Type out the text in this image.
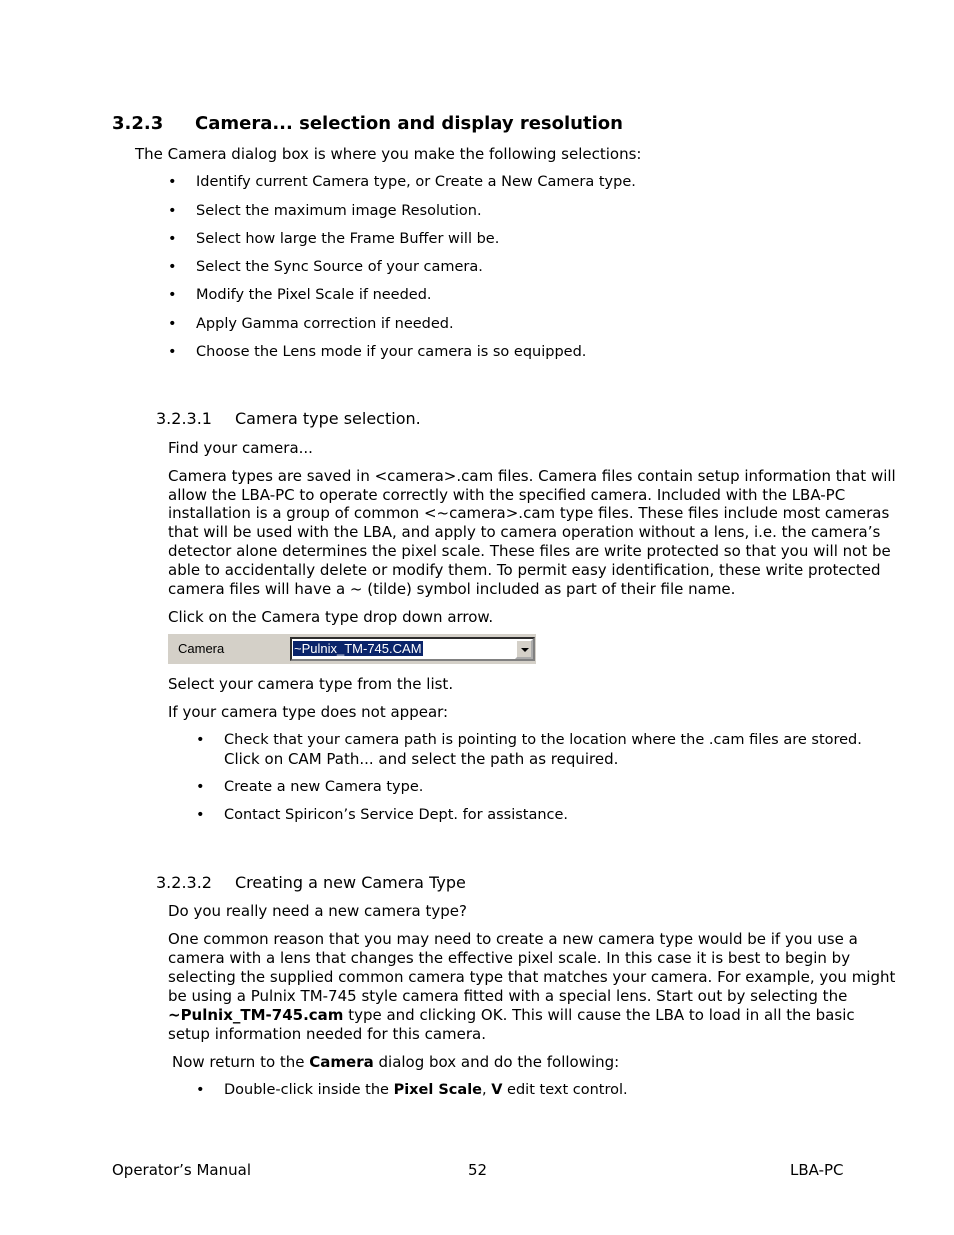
3.2.3 Camera... selection and display resolution
The Camera dialog box is where you make the following selections:
• Identify current Camera type, or Create a New Camera type.
• Select the maximum image Resolution.
• Select how large the Frame Buffer will be.
• Select the Sync Source of your camera.
• Modify the Pixel Scale if needed.
• Apply Gamma correction if needed.
• Choose the Lens mode if your camera is so equipped.
3.2.3.1 Camera type selection.
Find your camera...
Camera types are saved in <camera>.cam files. Camera files contain setup information that will
allow the LBA-PC to operate correctly with the specified camera. Included with the LBA-PC
installation is a group of common <~camera>.cam type files. These files include most cameras
that will be used with the LBA, and apply to camera operation without a lens, i.e. the camera’s
detector alone determines the pixel scale. These files are write protected so that you will not be
able to accidentally delete or modify them. To permit easy identification, these write protected
camera files will have a ~ (tilde) symbol included as part of their file name.
Click on the Camera type drop down arrow.
Camera	~Pulnix_TM-745.CAM
Select your camera type from the list.
If your camera type does not appear:
• Check that your camera path is pointing to the location where the .cam files are stored.
Click on CAM Path... and select the path as required.
• Create a new Camera type.
• Contact Spiricon’s Service Dept. for assistance.
3.2.3.2 Creating a new Camera Type
Do you really need a new camera type?
One common reason that you may need to create a new camera type would be if you use a
camera with a lens that changes the effective pixel scale. In this case it is best to begin by
selecting the supplied common camera type that matches your camera. For example, you might
be using a Pulnix TM-745 style camera fitted with a special lens. Start out by selecting the
~Pulnix_TM-745.cam type and clicking OK. This will cause the LBA to load in all the basic
setup information needed for this camera.
Now return to the Camera dialog box and do the following:
• Double-click inside the Pixel Scale, V edit text control.
Operator’s Manual	52	LBA-PC
